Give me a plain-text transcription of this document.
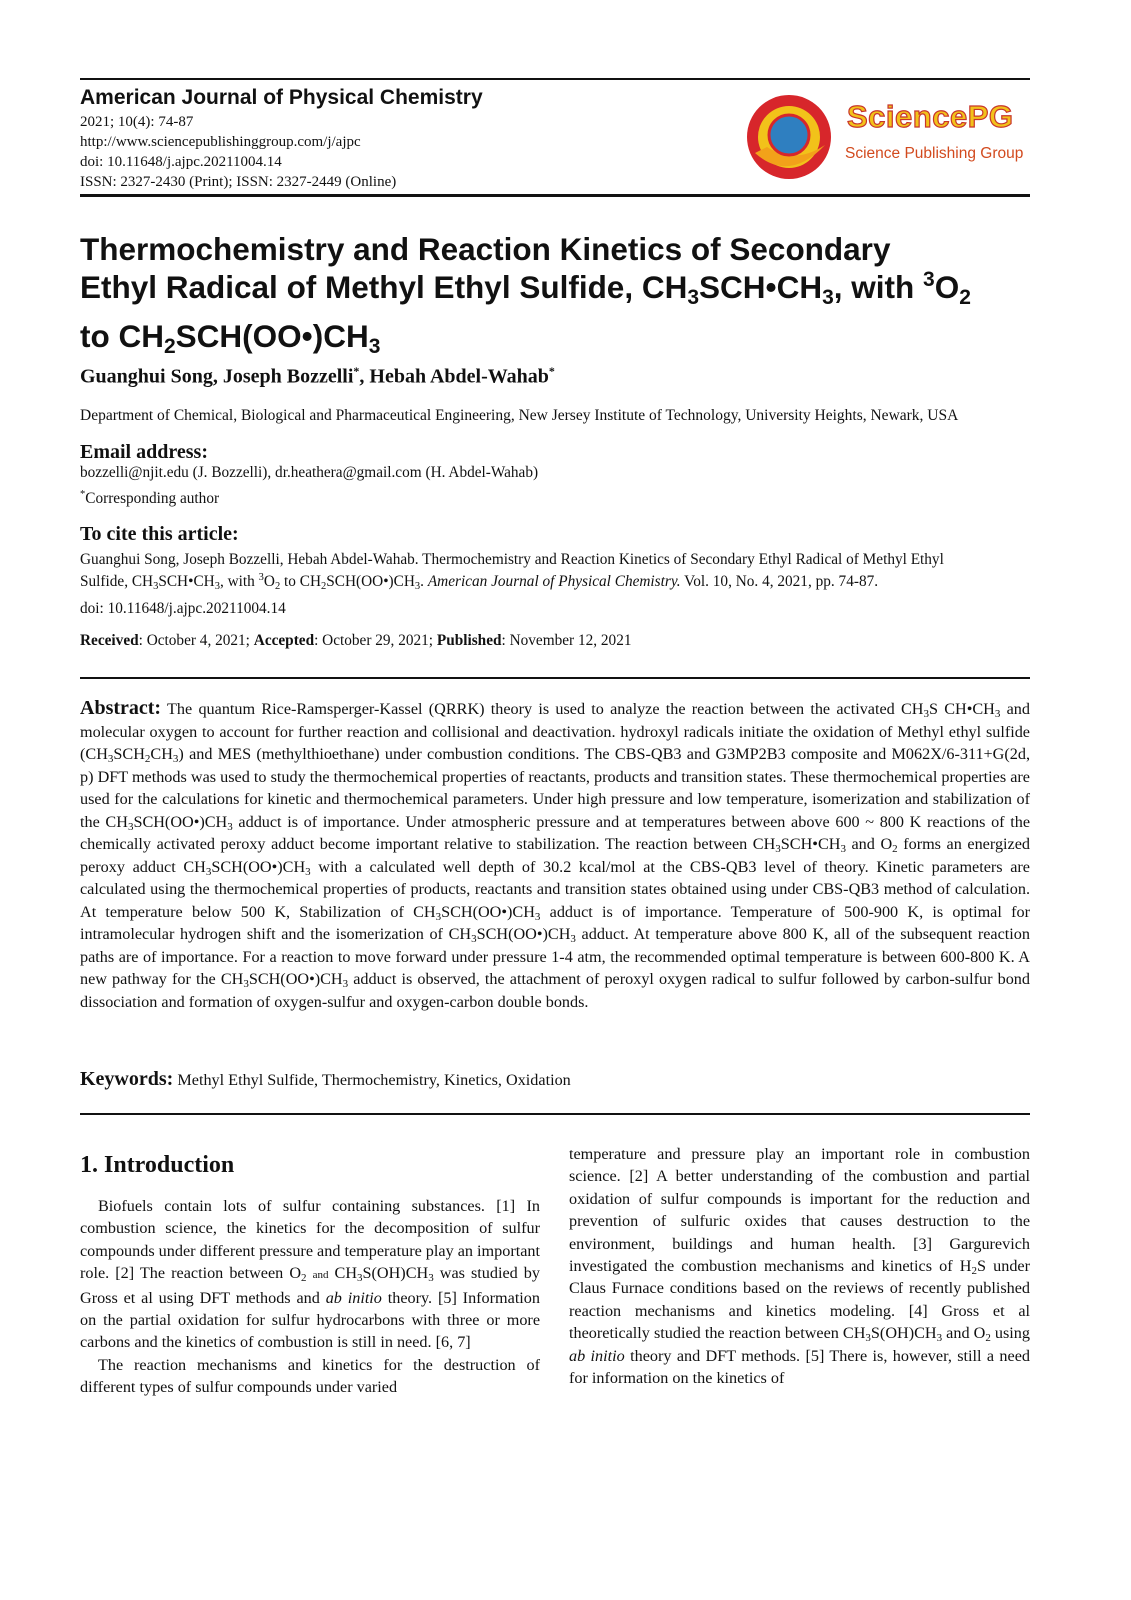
American Journal of Physical Chemistry
2021; 10(4): 74-87
http://www.sciencepublishinggroup.com/j/ajpc
doi: 10.11648/j.ajpc.20211004.14
ISSN: 2327-2430 (Print); ISSN: 2327-2449 (Online)
SciencePG
Science Publishing Group
Thermochemistry and Reaction Kinetics of Secondary
Ethyl Radical of Methyl Ethyl Sulfide, $CH_3SCH•CH_3$, with $^3O_2$
to $CH_2SCH(OO•)CH_3$
Guanghui Song, Joseph Bozzelli*, Hebah Abdel-Wahab*
Department of Chemical, Biological and Pharmaceutical Engineering, New Jersey Institute of Technology, University Heights, Newark, USA
Email address:
bozzelli@njit.edu (J. Bozzelli), dr.heathera@gmail.com (H. Abdel-Wahab)
*Corresponding author
To cite this article:
Guanghui Song, Joseph Bozzelli, Hebah Abdel-Wahab. Thermochemistry and Reaction Kinetics of Secondary Ethyl Radical of Methyl Ethyl
Sulfide, $CH_3SCH•CH_3$, with $^3O_2$ to $CH_2SCH(OO•)CH_3$. American Journal of Physical Chemistry. Vol. 10, No. 4, 2021, pp. 74-87.
doi: 10.11648/j.ajpc.20211004.14
Received: October 4, 2021; Accepted: October 29, 2021; Published: November 12, 2021
Abstract: The quantum Rice-Ramsperger-Kassel (QRRK) theory is used to analyze the reaction between the activated $CH_3S$ $CH•CH_3$ and molecular oxygen to account for further reaction and collisional and deactivation. hydroxyl radicals initiate the oxidation of Methyl ethyl sulfide $(CH_3SCH_2CH_3)$ and MES (methylthioethane) under combustion conditions. The CBS-QB3 and G3MP2B3 composite and M062X/6-311+G(2d, p) DFT methods was used to study the thermochemical properties of reactants, products and transition states. These thermochemical properties are used for the calculations for kinetic and thermochemical parameters. Under high pressure and low temperature, isomerization and stabilization of the $CH_3SCH(OO•)CH_3$ adduct is of importance. Under atmospheric pressure and at temperatures between above 600 ~ 800 K reactions of the chemically activated peroxy adduct become important relative to stabilization. The reaction between $CH_3SCH•CH_3$ and $O_2$ forms an energized peroxy adduct $CH_3SCH(OO•)CH_3$ with a calculated well depth of 30.2 kcal/mol at the CBS-QB3 level of theory. Kinetic parameters are calculated using the thermochemical properties of products, reactants and transition states obtained using under CBS-QB3 method of calculation. At temperature below 500 K, Stabilization of $CH_3SCH(OO•)CH_3$ adduct is of importance. Temperature of 500-900 K, is optimal for intramolecular hydrogen shift and the isomerization of $CH_3SCH(OO•)CH_3$ adduct. At temperature above 800 K, all of the subsequent reaction paths are of importance. For a reaction to move forward under pressure 1-4 atm, the recommended optimal temperature is between 600-800 K. A new pathway for the $CH_3SCH(OO•)CH_3$ adduct is observed, the attachment of peroxyl oxygen radical to sulfur followed by carbon-sulfur bond dissociation and formation of oxygen-sulfur and oxygen-carbon double bonds.
Keywords: Methyl Ethyl Sulfide, Thermochemistry, Kinetics, Oxidation
1. Introduction

Biofuels contain lots of sulfur containing substances. [1] In combustion science, the kinetics for the decomposition of sulfur compounds under different pressure and temperature play an important role. [2] The reaction between $O_2$ and $CH_3S(OH)CH_3$ was studied by Gross et al using DFT methods and ab initio theory. [5] Information on the partial oxidation for sulfur hydrocarbons with three or more carbons and the kinetics of combustion is still in need. [6, 7]

The reaction mechanisms and kinetics for the destruction of different types of sulfur compounds under varied

temperature and pressure play an important role in combustion science. [2] A better understanding of the combustion and partial oxidation of sulfur compounds is important for the reduction and prevention of sulfuric oxides that causes destruction to the environment, buildings and human health. [3] Gargurevich investigated the combustion mechanisms and kinetics of $H_2S$ under Claus Furnace conditions based on the reviews of recently published reaction mechanisms and kinetics modeling. [4] Gross et al theoretically studied the reaction between $CH_3S(OH)CH_3$ and $O_2$ using ab initio theory and DFT methods. [5] There is, however, still a need for information on the kinetics of
